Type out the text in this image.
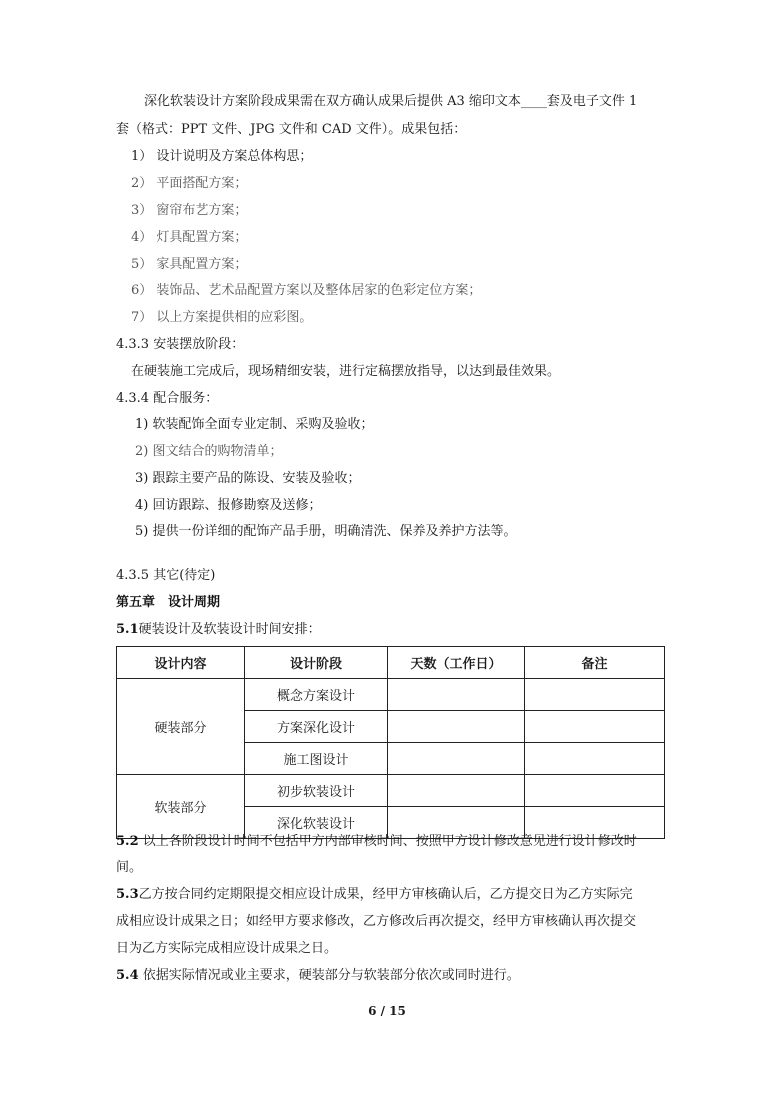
深化软装设计方案阶段成果需在双方确认成果后提供 A3 缩印文本____套及电子文件 1
套（格式：PPT 文件、JPG 文件和 CAD 文件）。成果包括：
1） 设计说明及方案总体构思；
2） 平面搭配方案；
3） 窗帘布艺方案；
4） 灯具配置方案；
5） 家具配置方案；
6） 装饰品、艺术品配置方案以及整体居家的色彩定位方案；
7） 以上方案提供相的应彩图。
4.3.3 安装摆放阶段：
在硬装施工完成后，现场精细安装，进行定稿摆放指导，以达到最佳效果。
4.3.4 配合服务：
1) 软装配饰全面专业定制、采购及验收；
2) 图文结合的购物清单；
3) 跟踪主要产品的陈设、安装及验收；
4) 回访跟踪、报修勘察及送修；
5) 提供一份详细的配饰产品手册，明确清洗、保养及养护方法等。
4.3.5 其它(待定)
第五章　设计周期
5.1硬装设计及软装设计时间安排：
设计内容	设计阶段	天数（工作日）	备注
硬装部分	概念方案设计		
	方案深化设计		
	施工图设计		
软装部分	初步软装设计		
	深化软装设计		
5.2 以上各阶段设计时间不包括甲方内部审核时间、按照甲方设计修改意见进行设计修改时
间。
5.3乙方按合同约定期限提交相应设计成果，经甲方审核确认后，乙方提交日为乙方实际完
成相应设计成果之日；如经甲方要求修改，乙方修改后再次提交，经甲方审核确认再次提交
日为乙方实际完成相应设计成果之日。
5.4 依据实际情况或业主要求，硬装部分与软装部分依次或同时进行。
6 / 15
